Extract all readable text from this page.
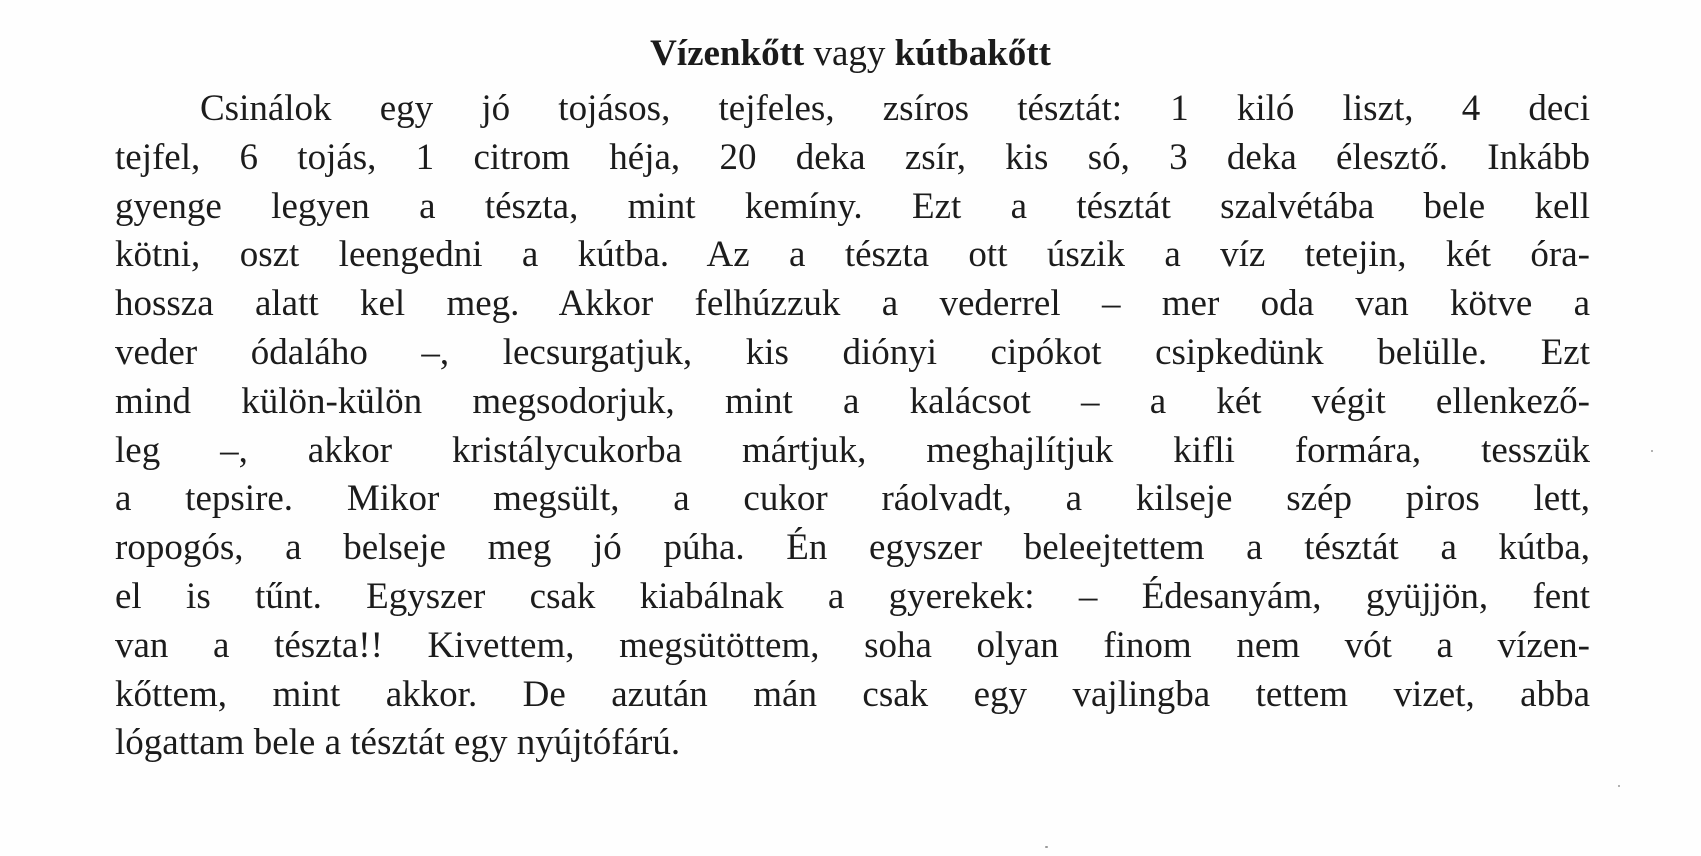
Vízenkőtt vagy kútbakőtt
Csinálok egy jó tojásos, tejfeles, zsíros tésztát: 1 kiló liszt, 4 deci
tejfel, 6 tojás, 1 citrom héja, 20 deka zsír, kis só, 3 deka élesztő. Inkább
gyenge legyen a tészta, mint kemíny. Ezt a tésztát szalvétába bele kell
kötni, oszt leengedni a kútba. Az a tészta ott úszik a víz tetejin, két óra-
hossza alatt kel meg. Akkor felhúzzuk a vederrel – mer oda van kötve a
veder ódaláho –, lecsurgatjuk, kis diónyi cipókot csipkedünk belülle. Ezt
mind külön-külön megsodorjuk, mint a kalácsot – a két végit ellenkező-
leg –, akkor kristálycukorba mártjuk, meghajlítjuk kifli formára, tesszük
a tepsire. Mikor megsült, a cukor ráolvadt, a kilseje szép piros lett,
ropogós, a belseje meg jó púha. Én egyszer beleejtettem a tésztát a kútba,
el is tűnt. Egyszer csak kiabálnak a gyerekek: – Édesanyám, gyüjjön, fent
van a tészta!! Kivettem, megsütöttem, soha olyan finom nem vót a vízen-
kőttem, mint akkor. De azután mán csak egy vajlingba tettem vizet, abba
lógattam bele a tésztát egy nyújtófárú.
